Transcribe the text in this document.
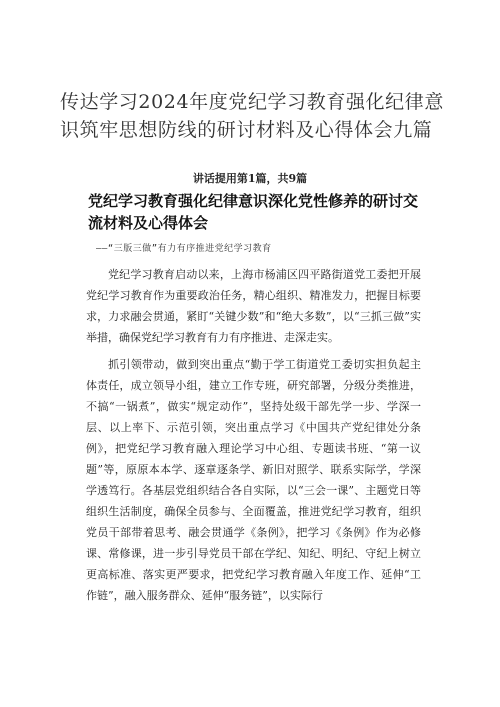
传达学习2024年度党纪学习教育强化纪律意识筑牢思想防线的研讨材料及心得体会九篇
讲话提用第1篇，共9篇
党纪学习教育强化纪律意识深化党性修养的研讨交流材料及心得体会
——“三版三做”有力有序推进党纪学习教育

党纪学习教育启动以来，上海市杨浦区四平路街道党工委把开展党纪学习教育作为重要政治任务，精心组织、精准发力，把握目标要求，力求融会贯通，紧盯“关键少数”和“绝大多数”，以“三抓三做”实举措，确保党纪学习教育有力有序推进、走深走实。

抓引领带动，做到突出重点“勤于学工街道党工委切实担负起主体责任，成立领导小组，建立工作专班，研究部署，分级分类推进，不搞“一锅煮”，做实“规定动作”，坚持处级干部先学一步、学深一层、以上率下、示范引领，突出重点学习《中国共产党纪律处分条例》，把党纪学习教育融入理论学习中心组、专题读书班、“第一议题”等，原原本本学、逐章逐条学、新旧对照学、联系实际学，学深学透笃行。各基层党组织结合各自实际，以“三会一课”、主题党日等组织生活制度，确保全员参与、全面覆盖，推进党纪学习教育，组织党员干部带着思考、融会贯通学《条例》，把学习《条例》作为必修课、常修课，进一步引导党员干部在学纪、知纪、明纪、守纪上树立更高标准、落实更严要求，把党纪学习教育融入年度工作、延伸“工作链”，融入服务群众、延伸“服务链”，以实际行
